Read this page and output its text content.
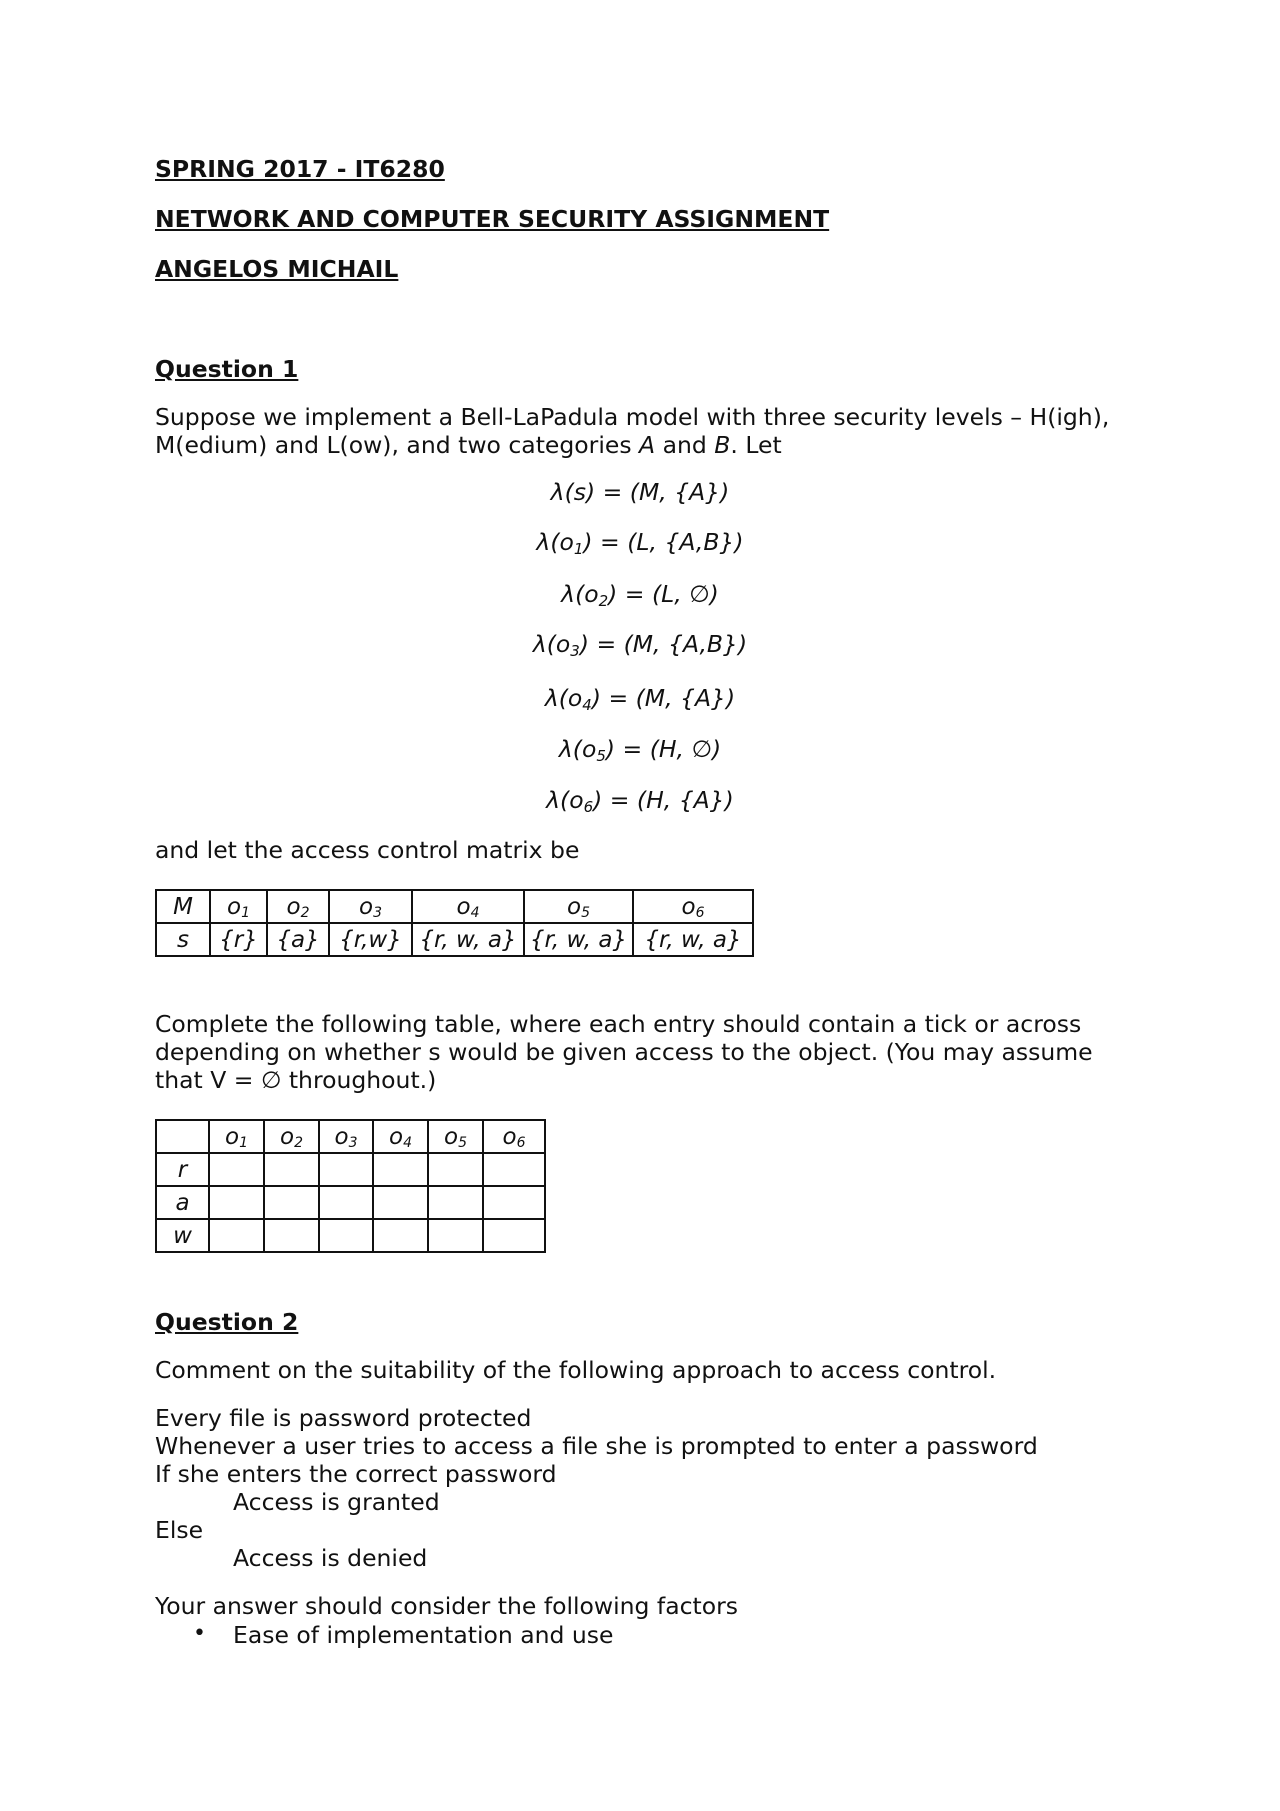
SPRING 2017 - IT6280

NETWORK AND COMPUTER SECURITY ASSIGNMENT

ANGELOS MICHAIL

Question 1

Suppose we implement a Bell-LaPadula model with three security levels – H(igh),

M(edium) and L(ow), and two categories A and B. Let

λ(s) = (M, {A})

$\lambda(o_1) = (L$, {A,B})

$\lambda(o_2) = (L$, ∅)

$\lambda(o_3) = (M$, {A,B})

$\lambda(o_4) = (M$, {A})

$\lambda(o_5) = (H$, ∅)

$\lambda(o_6) = (H$, {A})

and let the access control matrix be

M	$o_1$	$o_2$	$o_3$	$o_4$	$o_5$	$o_6$
s	{r}	{a}	{r,w}	{r, w, a}	{r, w, a}	{r, w, a}

Complete the following table, where each entry should contain a tick or across

depending on whether s would be given access to the object. (You may assume

that V = ∅ throughout.)

	$o_1$	$o_2$	$o_3$	$o_4$	$o_5$	$o_6$
r						
a						
w						

Question 2

Comment on the suitability of the following approach to access control.

Every file is password protected

Whenever a user tries to access a file she is prompted to enter a password

If she enters the correct password

Access is granted

Else

Access is denied

Your answer should consider the following factors

• Ease of implementation and use
